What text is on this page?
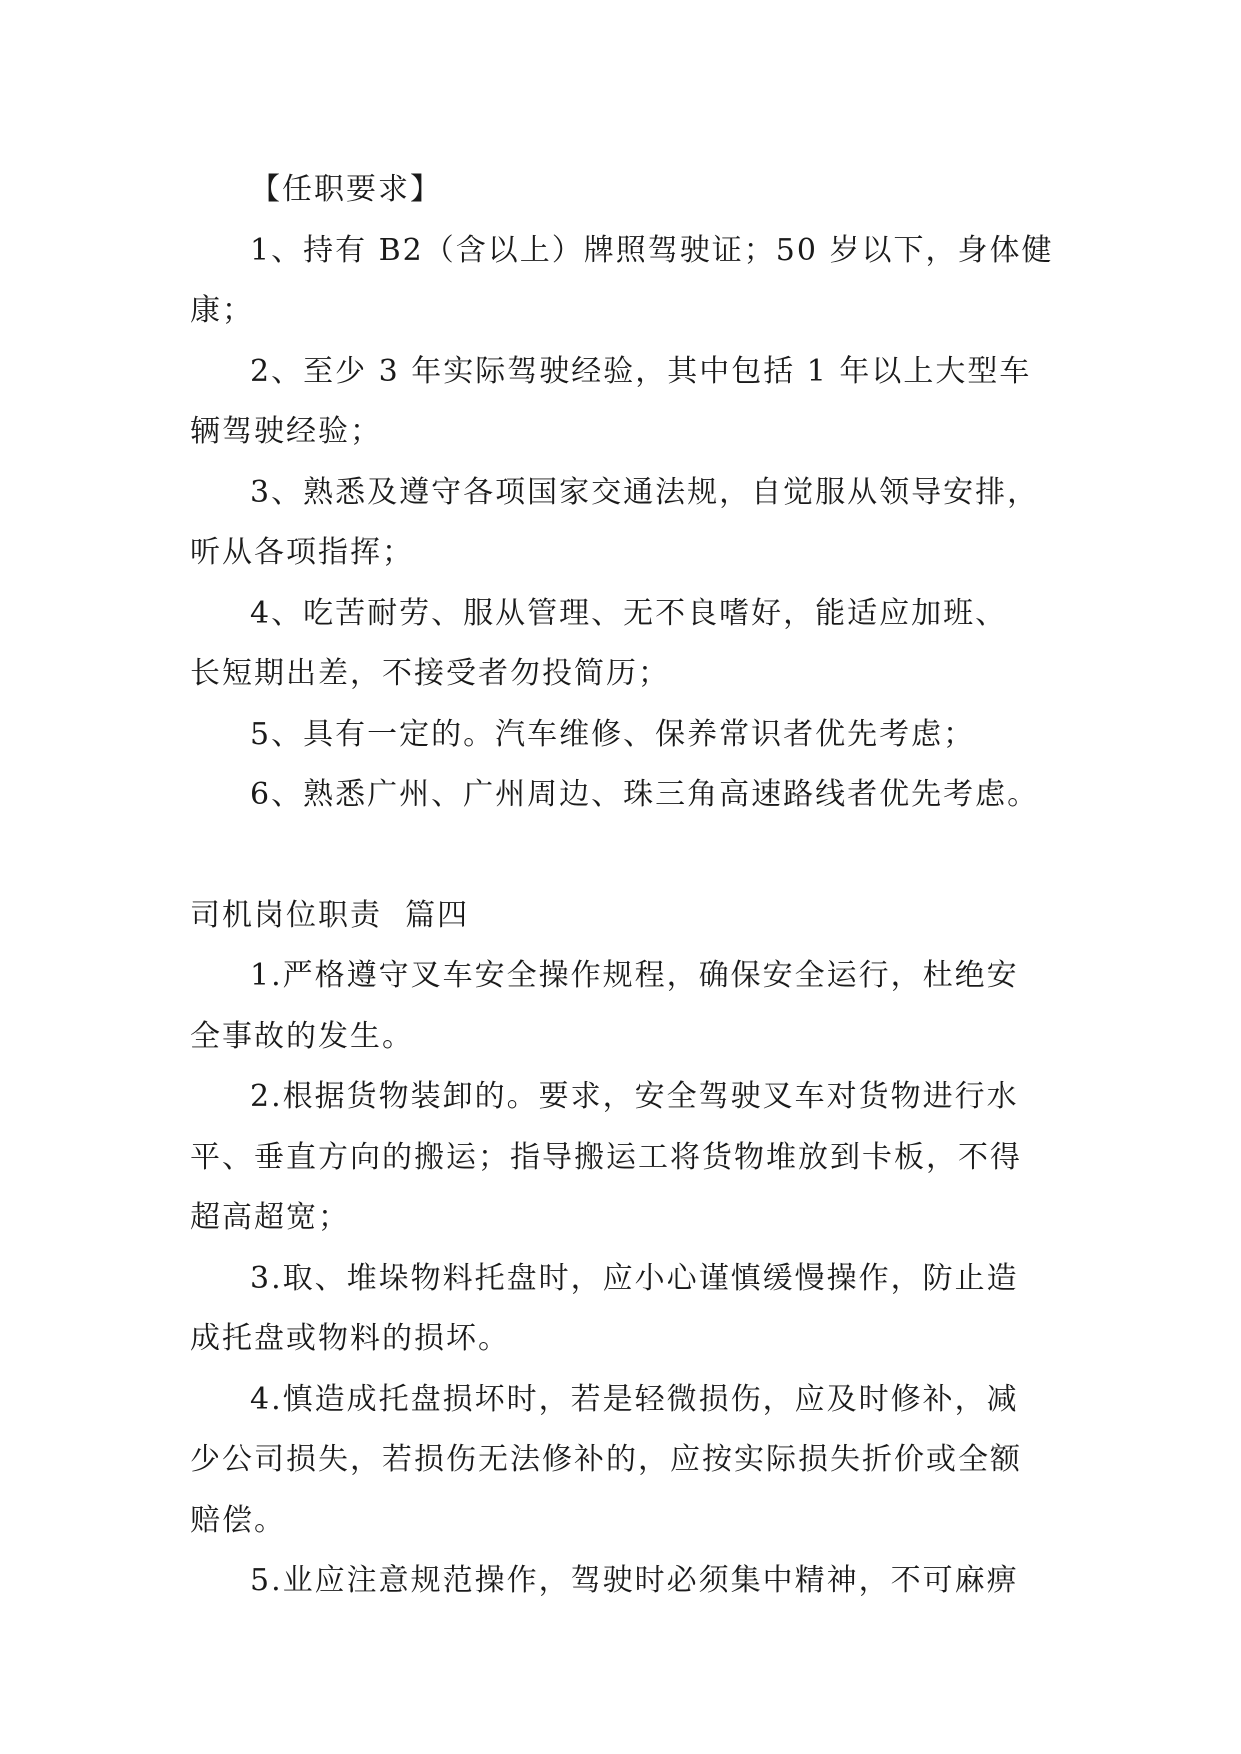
【任职要求】
1、持有 B2（含以上）牌照驾驶证；50 岁以下，身体健
康；
2、至少 3 年实际驾驶经验，其中包括 1 年以上大型车
辆驾驶经验；
3、熟悉及遵守各项国家交通法规，自觉服从领导安排，
听从各项指挥；
4、吃苦耐劳、服从管理、无不良嗜好，能适应加班、
长短期出差，不接受者勿投简历；
5、具有一定的。汽车维修、保养常识者优先考虑；
6、熟悉广州、广州周边、珠三角高速路线者优先考虑。
司机岗位职责  篇四
1.严格遵守叉车安全操作规程，确保安全运行，杜绝安
全事故的发生。
2.根据货物装卸的。要求，安全驾驶叉车对货物进行水
平、垂直方向的搬运；指导搬运工将货物堆放到卡板，不得
超高超宽；
3.取、堆垛物料托盘时，应小心谨慎缓慢操作，防止造
成托盘或物料的损坏。
4.慎造成托盘损坏时，若是轻微损伤，应及时修补，减
少公司损失，若损伤无法修补的，应按实际损失折价或全额
赔偿。
5.业应注意规范操作，驾驶时必须集中精神，不可麻痹
